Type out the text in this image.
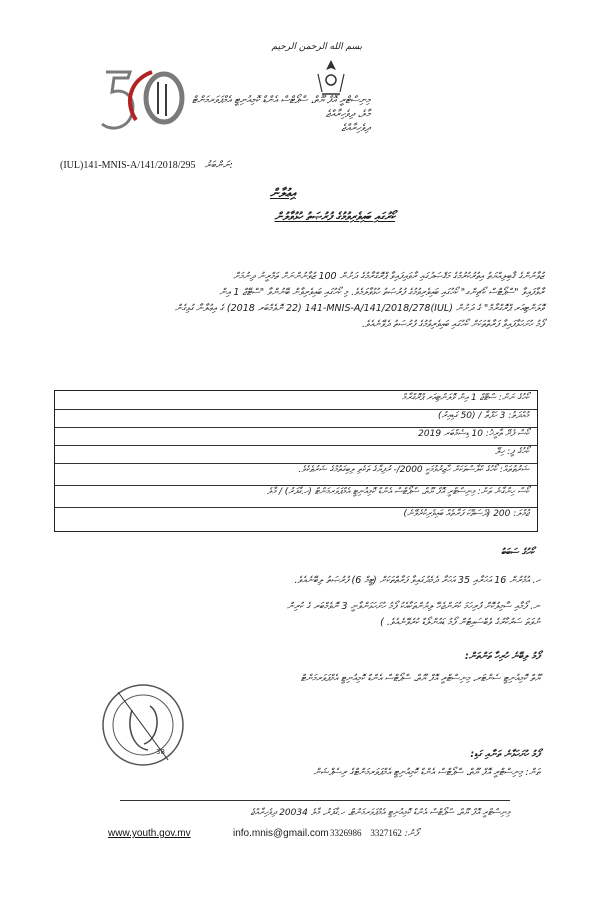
بسم الله الرحمن الرحيم
މިނިސްޓްރީ އޮފް ޔޫތް، ސްޕޯޓްސް އެންޑް ކޮމިއުނިޓީ އެމްޕަވަރމަންޓް
މާލެ، ދިވެހިރާއްޖެ
ދިވެހިރާއްޖެ
(IUL)141-MNIS-A/141/2018/295 ނަންބަރު:
އިޢުލާން
ކޯރުގައި ބައިވެރިވުމުގެ ފުރުޞަތު ހުޅުވާލުން
ޒުވާނުންގެ ޤާބިލިއްޔަތު އިތުރުކުރުމުގެ މަޤްޞަދުގައި ރާވައިފައިވާ ޕްރޮގްރާމުގެ ދަށުން 100 ޒުވާނުންނަށް ތަމްރީނު ދިނުމަށް
ރާވާފައިވާ "ސްޕޯޓްސް ކޯޗިންގ" ކޯހުގައި ބައިވެރިވުމުގެ ފުރުޞަތު ހުޅުވާލަމެވެ. މި ކޯހުގައި ބައިވެރިވާން ބޭނުންވާ "ސްޓޭޖް 1 އިން
ވޮލަންޓިއަރ ޕްރޮގްރާމް" ގެ ދަށުން (IUL)141-MNIS-A/141/2018/278 (22 ނޮވެމްބަރ 2018) ގެ އިޢުލާނާ ގުޅިގެން
ފޯމު ހުށަހަޅާފައިވާ ފަރާތްތަކަށް ކޯހުގައި ބައިވެރިވުމުގެ ފުރުޞަތު ދެވޭނެއެވެ.
ކޯހުގެ ނަން: ސްޓޭޖް 1 އިން ވޮލަންޓިއަރ ޕްރޮގްރާމް
މުއްދަތު: 3 ހަފްތާ / (50 ގަޑިއިރު)
ކޯސް ފެށޭ ތާރީޚު: 10 ޑިސެމްބަރ 2019
ކޯހުގެ ފީ: ހިލޭ
ޝަރުޠުތައް: ކޯހުގެ ކްލާސްތަކަށް ހާޒިރުވުމަކީ 2000/- ރުފިޔާގެ ތަކެތި ލިބިގަތުމުގެ ޝަރުޠެކެވެ.
ކޯސް ހިންގާނެ ތަން: މިނިސްޓްރީ އޮފް ޔޫތް، ސްޕޯޓްސް އެންޑް ކޮމިއުނިޓީ އެމްޕަވަރމަންޓް (ހ.ގާފަރު) / މާލެ
ޖުމްލަ: 200 (ދެސަތޭކަ ފަރާތެއް ބައިވެރިކުރެވޭނެ)
ކޯހުގެ ސަބަބު
ހ. އުމުރުން 16 އަހަރާއި 35 އަހަރާ ދެމެދުގައިވާ ފަރާތްތަކަށް (ޓީމް 6) ފުރުޞަތު ލިބޭނެއެވެ.
ނ. ފޯމާއި ސާމިލުކޮށް ފުރިހަމަ ކުރަންޖެހޭ ލިޔުންތަކާއެކު ފޯމު ހުށަހަޅަންވާނީ 3 ނޮވެމްބަރ ގެ ކުރިން
ނުވަތަ ސަރުކާރުގެ ވެބްސައިޓުން ފޯމު ޑައުންލޯޑް ކުރެވޭނެއެވެ. )
ފޯމު ލިބޭނެ ހުރިހާ ތަންތަން:
ޔޫތް ކޮމިއުނިޓީ ސެންޓަރ، މިނިސްޓްރީ އޮފް ޔޫތް، ސްޕޯޓްސް އެންޑް ކޮމިއުނިޓީ އެމްޕަވަރމަންޓް
38	ފޯމު ހުށަހަޅާނެ ތަނާއި ގަޑި:
ތަން: މިނިސްޓްރީ އޮފް ޔޫތް، ސްޕޯޓްސް އެންޑް ކޮމިއުނިޓީ އެމްޕަވަރމަންޓްގެ ރިސެޕްޝަން
މިނިސްޓްރީ އޮފް ޔޫތް، ސްޕޯޓްސް އެންޑް ކޮމިއުނިޓީ އެމްޕަވަރމަންޓް، ހ.ގާފަރު، މާލެ 20034 ދިވެހިރާއްޖެ
www.youth.gov.mv	info.mnis@gmail.com	ފޯނު: 3327162 3326986
